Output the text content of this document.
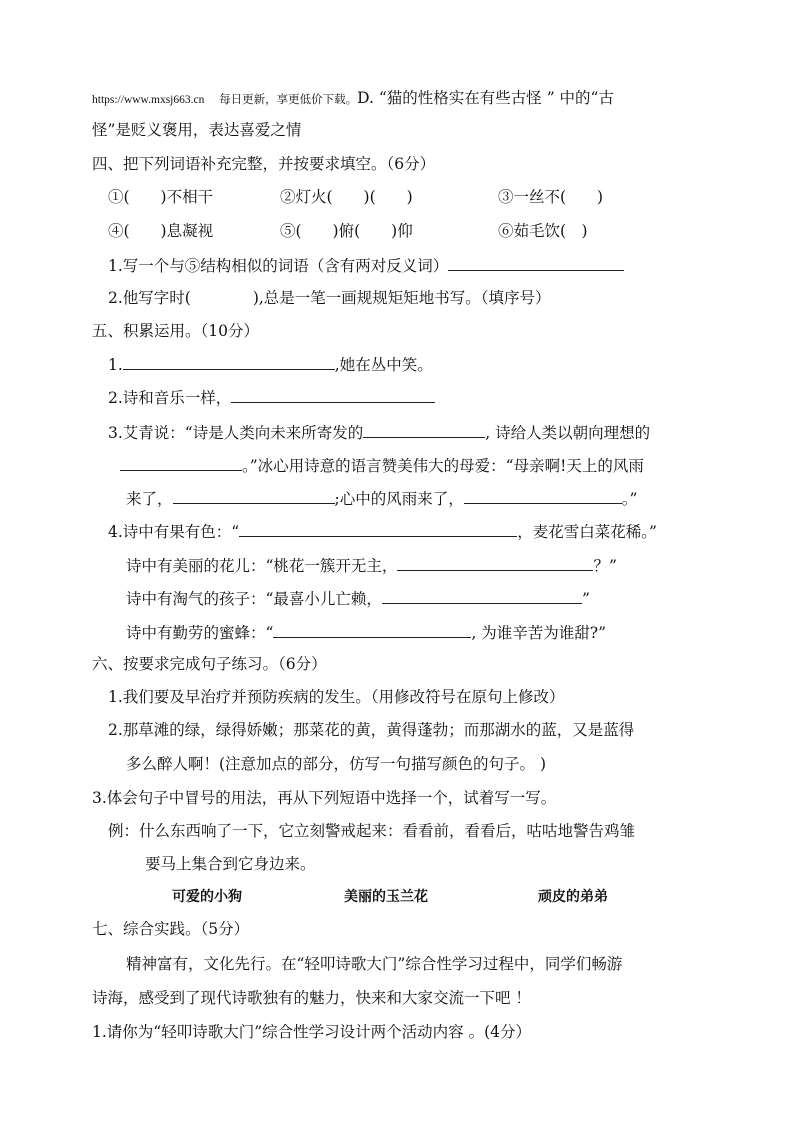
https://www.mxsj663.cn 每日更新，享更低价下载。D. “猫的性格实在有些古怪 ” 中的“古
怪”是贬义褒用，表达喜爱之情
四、把下列词语补充完整，并按要求填空。（6分）
①(　　)不相干	②灯火(　　)(　　)	③一丝不(　　)
④(　　)息凝视	⑤(　　)俯(　　)仰	⑥茹毛饮(　)
1.写一个与⑤结构相似的词语（含有两对反义词）
2.他写字时(　　　　),总是一笔一画规规矩矩地书写。（填序号）
五、积累运用。（10分）
1.	,她在丛中笑。
2.诗和音乐一样，
3.艾青说：“诗是人类向未来所寄发的	, 诗给人类以朝向理想的
。”冰心用诗意的语言赞美伟大的母爱：“母亲啊!天上的风雨
来了，	;心中的风雨来了，	。”
4.诗中有果有色：“	，麦花雪白菜花稀。”
诗中有美丽的花儿：“桃花一簇开无主，	？”
诗中有淘气的孩子：“最喜小儿亡赖，	”
诗中有勤劳的蜜蜂：“	, 为谁辛苦为谁甜?”
六、按要求完成句子练习。（6分）
1.我们要及早治疗并预防疾病的发生。（用修改符号在原句上修改）
2.那草滩的绿，绿得娇嫩；那菜花的黄，黄得蓬勃；而那湖水的蓝，又是蓝得
多么醉人啊！(注意加点的部分，仿写一句描写颜色的句子。 )
3.体会句子中冒号的用法，再从下列短语中选择一个，试着写一写。
例：什么东西响了一下，它立刻警戒起来：看看前，看看后，咕咕地警告鸡雏
要马上集合到它身边来。
可爱的小狗	美丽的玉兰花	顽皮的弟弟
七、综合实践。（5分）
精神富有，文化先行。在“轻叩诗歌大门”综合性学习过程中，同学们畅游
诗海，感受到了现代诗歌独有的魅力，快来和大家交流一下吧 ！
1.请你为“轻叩诗歌大门”综合性学习设计两个活动内容 。(4分）
